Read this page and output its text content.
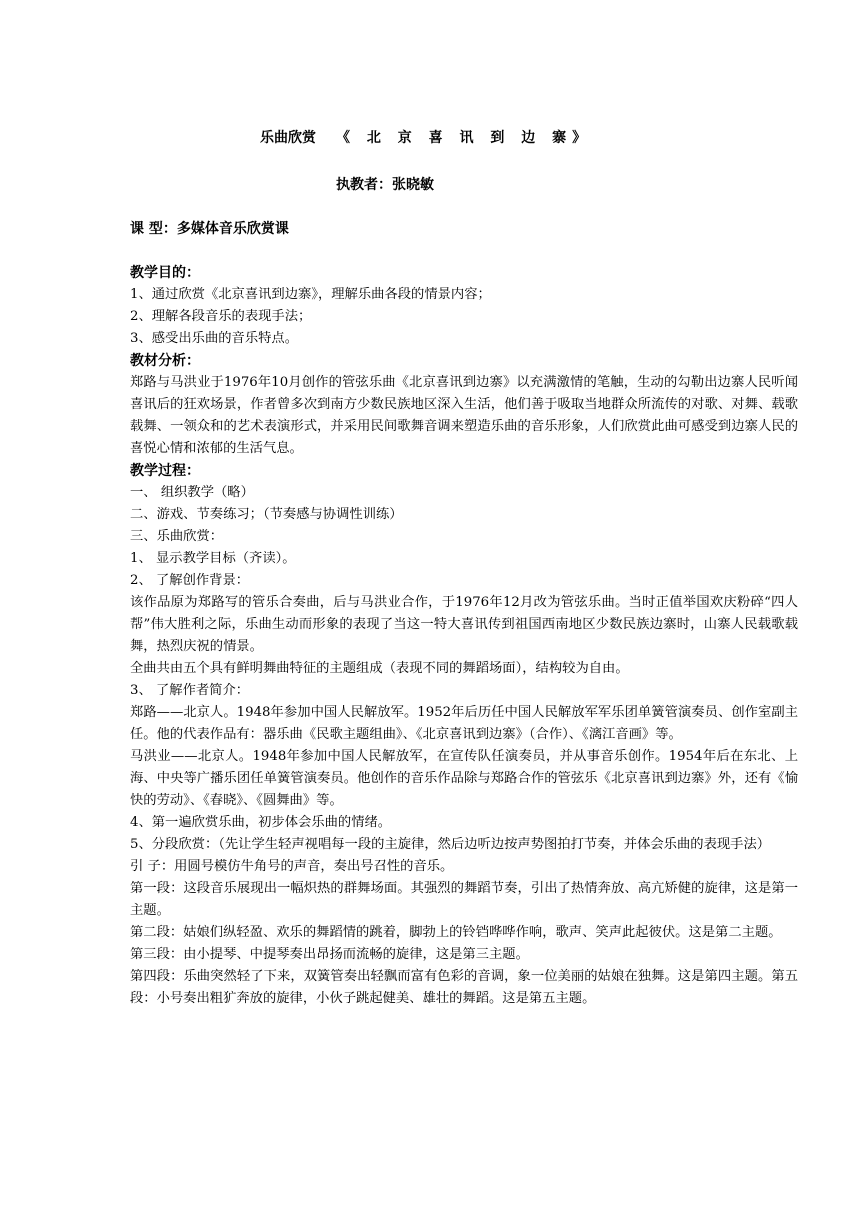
乐曲欣赏 《 北 京 喜 讯 到 边 寨》
执教者：张晓敏
课 型：多媒体音乐欣赏课
教学目的：

1、通过欣赏《北京喜讯到边寨》，理解乐曲各段的情景内容；

2、理解各段音乐的表现手法；

3、感受出乐曲的音乐特点。

教材分析：

郑路与马洪业于1976年10月创作的管弦乐曲《北京喜讯到边寨》以充满激情的笔触，生动的勾勒出边寨人民听闻喜讯后的狂欢场景，作者曾多次到南方少数民族地区深入生活，他们善于吸取当地群众所流传的对歌、对舞、载歌载舞、一领众和的艺术表演形式，并采用民间歌舞音调来塑造乐曲的音乐形象，人们欣赏此曲可感受到边寨人民的喜悦心情和浓郁的生活气息。

教学过程：

一、 组织教学（略）

二、游戏、节奏练习；（节奏感与协调性训练）

三、乐曲欣赏：

1、 显示教学目标（齐读）。

2、 了解创作背景：

该作品原为郑路写的管乐合奏曲，后与马洪业合作，于1976年12月改为管弦乐曲。当时正值举国欢庆粉碎“四人帮”伟大胜利之际，乐曲生动而形象的表现了当这一特大喜讯传到祖国西南地区少数民族边寨时，山寨人民载歌载舞，热烈庆祝的情景。

全曲共由五个具有鲜明舞曲特征的主题组成（表现不同的舞蹈场面），结构较为自由。

3、 了解作者简介：

郑路——北京人。1948年参加中国人民解放军。1952年后历任中国人民解放军军乐团单簧管演奏员、创作室副主任。他的代表作品有：器乐曲《民歌主题组曲》、《北京喜讯到边寨》（合作）、《漓江音画》等。

马洪业——北京人。1948年参加中国人民解放军，在宣传队任演奏员，并从事音乐创作。1954年后在东北、上海、中央等广播乐团任单簧管演奏员。他创作的音乐作品除与郑路合作的管弦乐《北京喜讯到边寨》外，还有《愉快的劳动》、《春晓》、《圆舞曲》等。

4、第一遍欣赏乐曲，初步体会乐曲的情绪。

5、分段欣赏：（先让学生轻声视唱每一段的主旋律，然后边听边按声势图拍打节奏，并体会乐曲的表现手法）

引 子：用圆号模仿牛角号的声音，奏出号召性的音乐。

第一段：这段音乐展现出一幅炽热的群舞场面。其强烈的舞蹈节奏，引出了热情奔放、高亢矫健的旋律，这是第一主题。

第二段：姑娘们纵轻盈、欢乐的舞蹈情的跳着，脚勃上的铃铛哗哗作响，歌声、笑声此起彼伏。这是第二主题。

第三段：由小提琴、中提琴奏出昂扬而流畅的旋律，这是第三主题。

第四段：乐曲突然轻了下来，双簧管奏出轻飘而富有色彩的音调，象一位美丽的姑娘在独舞。这是第四主题。第五段：小号奏出粗犷奔放的旋律，小伙子跳起健美、雄壮的舞蹈。这是第五主题。
